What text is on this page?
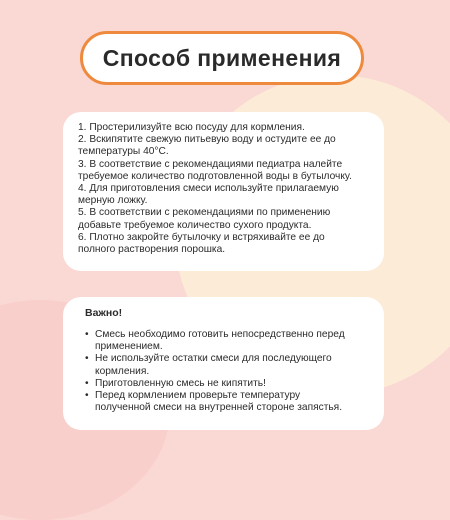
Способ применения

1. Простерилизуйте всю посуду для кормления.

2. Вскипятите свежую питьевую воду и остудите ее до

температуры 40°С.

3. В соответствие с рекомендациями педиатра налейте

требуемое количество подготовленной воды в бутылочку.

4. Для приготовления смеси используйте прилагаемую

мерную ложку.

5. В соответствии с рекомендациями по применению

добавьте требуемое количество сухого продукта.

6. Плотно закройте бутылочку и встряхивайте ее до

полного растворения порошка.

Важно!

• Смесь необходимо готовить непосредственно перед
применением.
• Не используйте остатки смеси для последующего
кормления.
• Приготовленную смесь не кипятить!
• Перед кормлением проверьте температуру
полученной смеси на внутренней стороне запястья.
